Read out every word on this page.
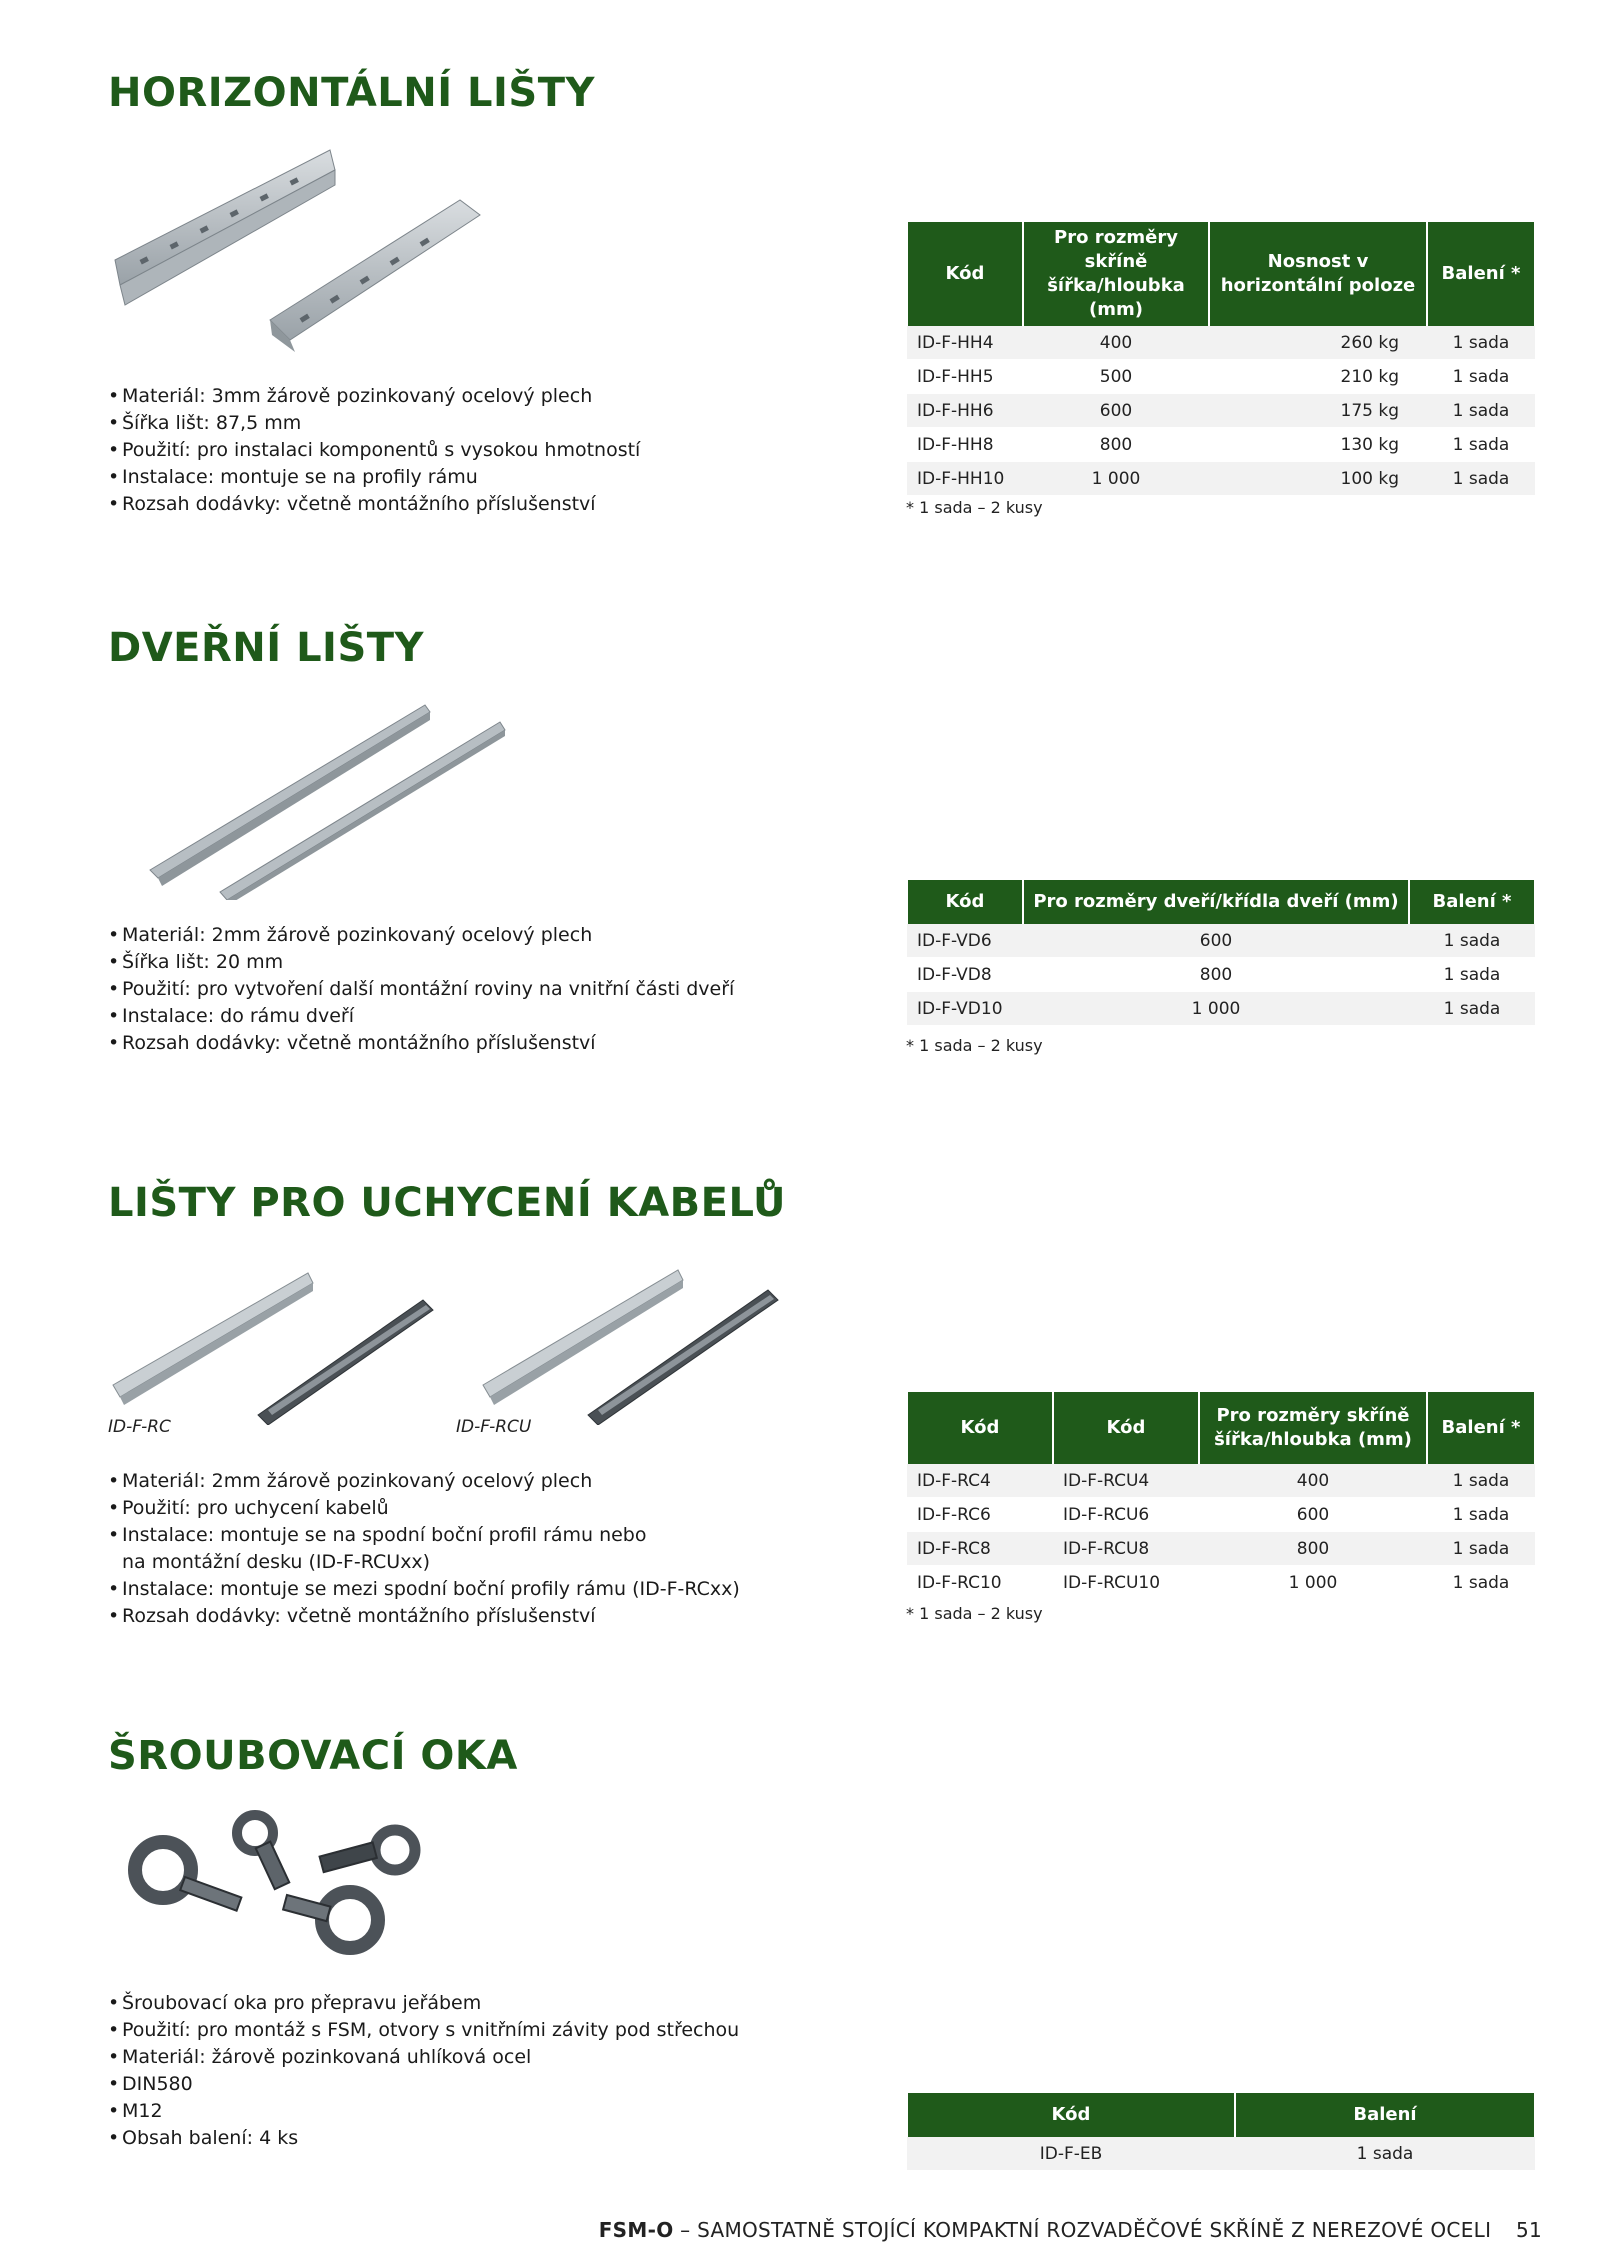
HORIZONTÁLNÍ LIŠTY
• Materiál: 3mm žárově pozinkovaný ocelový plech
• Šířka lišt: 87,5 mm
• Použití: pro instalaci komponentů s vysokou hmotností
• Instalace: montuje se na profily rámu
• Rozsah dodávky: včetně montážního příslušenství
Kód	Pro rozměry skříně šířka/hloubka (mm)	Nosnost v horizontální poloze	Balení *
ID-F-HH4	400	260 kg	1 sada
ID-F-HH5	500	210 kg	1 sada
ID-F-HH6	600	175 kg	1 sada
ID-F-HH8	800	130 kg	1 sada
ID-F-HH10	1 000	100 kg	1 sada
* 1 sada – 2 kusy
DVEŘNÍ LIŠTY
• Materiál: 2mm žárově pozinkovaný ocelový plech
• Šířka lišt: 20 mm
• Použití: pro vytvoření další montážní roviny na vnitřní části dveří
• Instalace: do rámu dveří
• Rozsah dodávky: včetně montážního příslušenství
Kód	Pro rozměry dveří/křídla dveří (mm)	Balení *
ID-F-VD6	600	1 sada
ID-F-VD8	800	1 sada
ID-F-VD10	1 000	1 sada
* 1 sada – 2 kusy
LIŠTY PRO UCHYCENÍ KABELŮ
ID-F-RC	ID-F-RCU
• Materiál: 2mm žárově pozinkovaný ocelový plech
• Použití: pro uchycení kabelů
• Instalace: montuje se na spodní boční profil rámu nebo
na montážní desku (ID-F-RCUxx)
• Instalace: montuje se mezi spodní boční profily rámu (ID-F-RCxx)
• Rozsah dodávky: včetně montážního příslušenství
Kód	Kód	Pro rozměry skříně šířka/hloubka (mm)	Balení *
ID-F-RC4	ID-F-RCU4	400	1 sada
ID-F-RC6	ID-F-RCU6	600	1 sada
ID-F-RC8	ID-F-RCU8	800	1 sada
ID-F-RC10	ID-F-RCU10	1 000	1 sada
* 1 sada – 2 kusy
ŠROUBOVACÍ OKA
• Šroubovací oka pro přepravu jeřábem
• Použití: pro montáž s FSM, otvory s vnitřními závity pod střechou
• Materiál: žárově pozinkovaná uhlíková ocel
• DIN580
• M12
• Obsah balení: 4 ks
Kód	Balení
ID-F-EB	1 sada
FSM-O – SAMOSTATNĚ STOJÍCÍ KOMPAKTNÍ ROZVADĚČOVÉ SKŘÍNĚ Z NEREZOVÉ OCELI 51
